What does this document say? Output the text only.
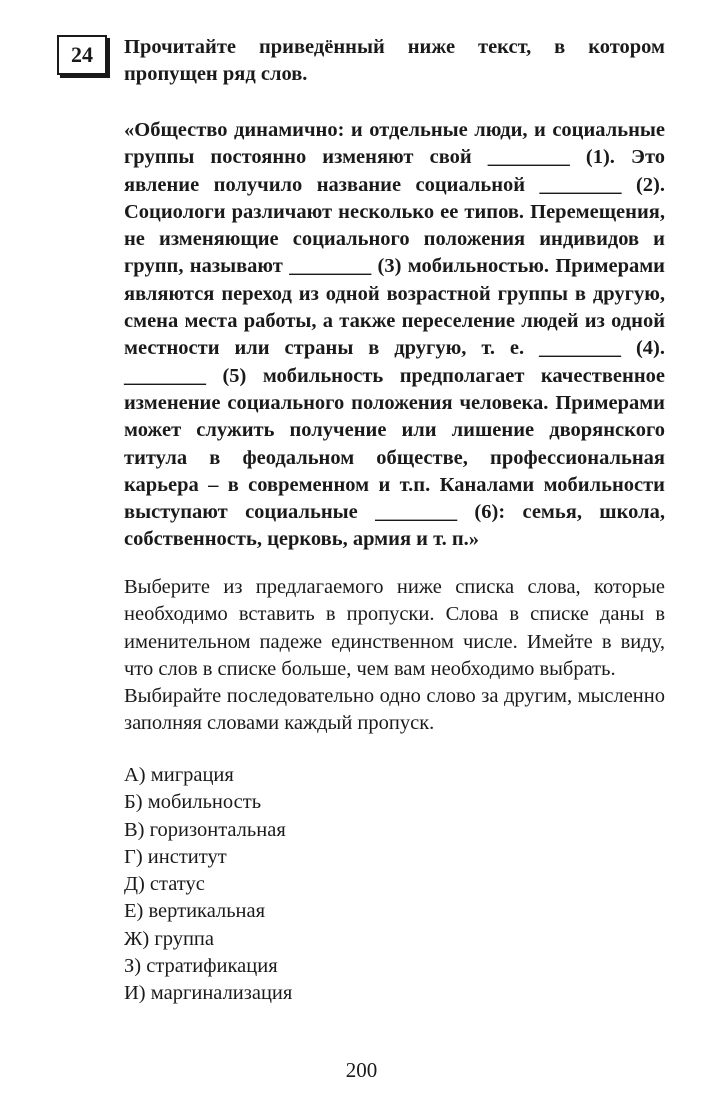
24 Прочитайте приведённый ниже текст, в котором пропущен ряд слов.

«Общество динамично: и отдельные люди, и социальные группы постоянно изменяют свой ________ (1). Это явление получило название социальной ________ (2). Социологи различают несколько ее типов. Перемещения, не изменяющие социального положения индивидов и групп, называют ________ (3) мобильностью. Примерами являются переход из одной возрастной группы в другую, смена места работы, а также переселение людей из одной местности или страны в другую, т. е. ________ (4). ________ (5) мобильность предполагает качественное изменение социального положения человека. Примерами может служить получение или лишение дворянского титула в феодальном обществе, профессиональная карьера – в современном и т.п. Каналами мобильности выступают социальные ________ (6): семья, школа, собственность, церковь, армия и т. п.»

Выберите из предлагаемого ниже списка слова, которые необходимо вставить в пропуски. Слова в списке даны в именительном падеже единственном числе. Имейте в виду, что слов в списке больше, чем вам необходимо выбрать.

Выбирайте последовательно одно слово за другим, мысленно заполняя словами каждый пропуск.

А) миграция
Б) мобильность
В) горизонтальная
Г) институт
Д) статус
Е) вертикальная
Ж) группа
З) стратификация
И) маргинализация
200
